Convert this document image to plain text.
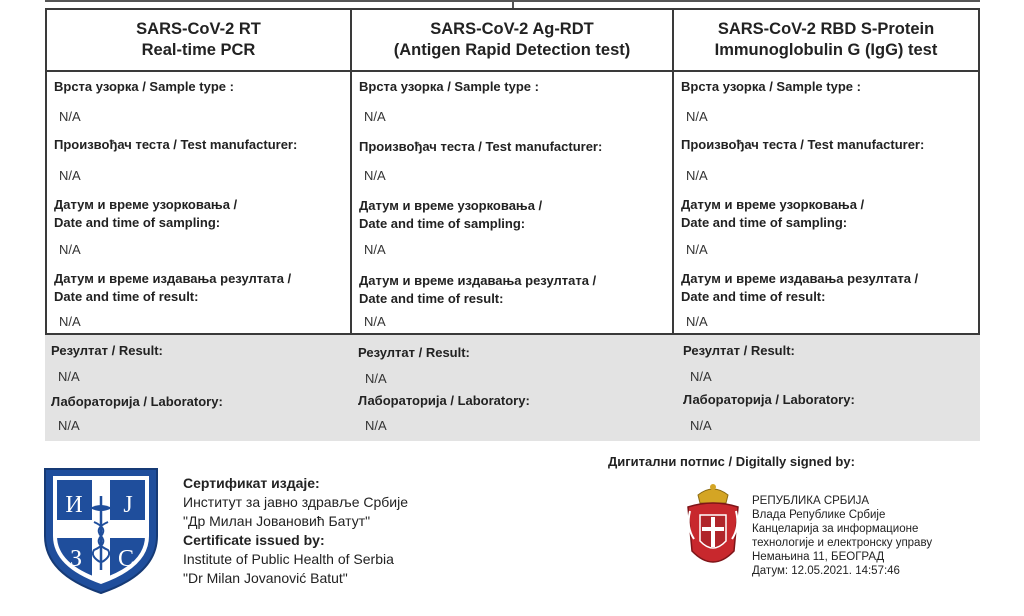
SARS-CoV-2 RT
Real-time PCR
Врста узорка / Sample type :
N/A
Произвођач теста / Test manufacturer:
N/A
Датум и време узорковања /
Date and time of sampling:
N/A
Датум и време издавања резултата /
Date and time of result:
N/A
SARS-CoV-2 Ag-RDT
(Antigen Rapid Detection test)
Врста узорка / Sample type :
N/A
Произвођач теста / Test manufacturer:
N/A
Датум и време узорковања /
Date and time of sampling:
N/A
Датум и време издавања резултата /
Date and time of result:
N/A
SARS-CoV-2 RBD S-Protein
Immunoglobulin G (IgG) test
Врста узорка / Sample type :
N/A
Произвођач теста / Test manufacturer:
N/A
Датум и време узорковања /
Date and time of sampling:
N/A
Датум и време издавања резултата /
Date and time of result:
N/A
Резултат / Result:
N/A
Лабораторија / Laboratory:
N/A
Резултат / Result:
N/A
Лабораторија / Laboratory:
N/A
Резултат / Result:
N/A
Лабораторија / Laboratory:
N/A
И Ј
З С
Сертификат издаје:
Институт за јавно здравље Србије
"Др Милан Јовановић Батут"
Certificate issued by:
Institute of Public Health of Serbia
"Dr Milan Jovanović Batut"
Дигитални потпис / Digitally signed by:
РЕПУБЛИКА СРБИЈА
Влада Републике Србије
Канцеларија за информационе
технологије и електронску управу
Немањина 11, БЕОГРАД
Датум: 12.05.2021. 14:57:46
